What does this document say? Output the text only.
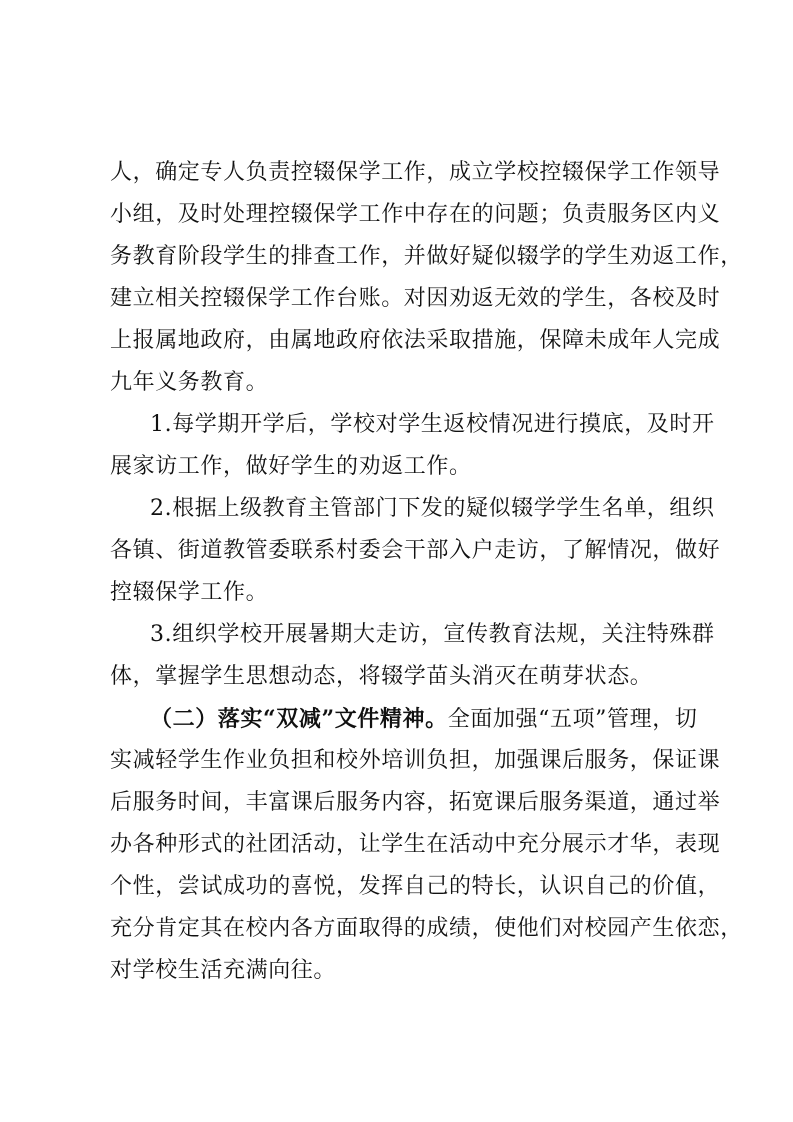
人，确定专人负责控辍保学工作，成立学校控辍保学工作领导
小组，及时处理控辍保学工作中存在的问题；负责服务区内义
务教育阶段学生的排查工作，并做好疑似辍学的学生劝返工作，
建立相关控辍保学工作台账。对因劝返无效的学生，各校及时
上报属地政府，由属地政府依法采取措施，保障未成年人完成
九年义务教育。
1.每学期开学后，学校对学生返校情况进行摸底，及时开
展家访工作，做好学生的劝返工作。
2.根据上级教育主管部门下发的疑似辍学学生名单，组织
各镇、街道教管委联系村委会干部入户走访，了解情况，做好
控辍保学工作。
3.组织学校开展暑期大走访，宣传教育法规，关注特殊群
体，掌握学生思想动态，将辍学苗头消灭在萌芽状态。
（二）落实“双减”文件精神。全面加强“五项”管理，切
实减轻学生作业负担和校外培训负担，加强课后服务，保证课
后服务时间，丰富课后服务内容，拓宽课后服务渠道，通过举
办各种形式的社团活动，让学生在活动中充分展示才华，表现
个性，尝试成功的喜悦，发挥自己的特长，认识自己的价值，
充分肯定其在校内各方面取得的成绩，使他们对校园产生依恋，
对学校生活充满向往。
